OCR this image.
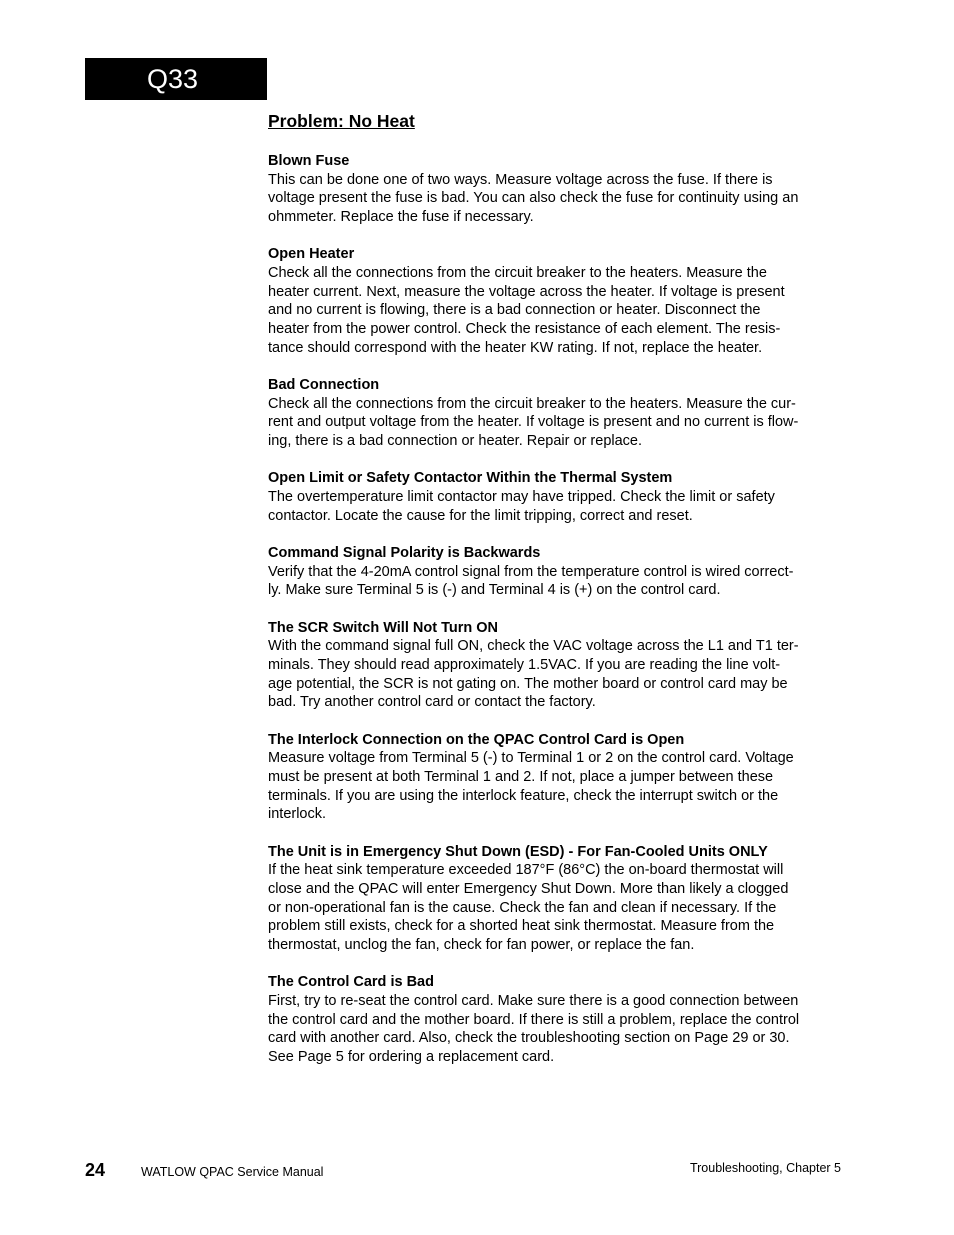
Q33
Problem: No Heat
Blown Fuse
This can be done one of two ways. Measure voltage across the fuse. If there is
voltage present the fuse is bad. You can also check the fuse for continuity using an
ohmmeter. Replace the fuse if necessary.
Open Heater
Check all the connections from the circuit breaker to the heaters. Measure the
heater current. Next, measure the voltage across the heater. If voltage is present
and no current is flowing, there is a bad connection or heater. Disconnect the
heater from the power control. Check the resistance of each element. The resis-
tance should correspond with the heater KW rating. If not, replace the heater.
Bad Connection
Check all the connections from the circuit breaker to the heaters. Measure the cur-
rent and output voltage from the heater. If voltage is present and no current is flow-
ing, there is a bad connection or heater. Repair or replace.
Open Limit or Safety Contactor Within the Thermal System
The overtemperature limit contactor may have tripped. Check the limit or safety
contactor. Locate the cause for the limit tripping, correct and reset.
Command Signal Polarity is Backwards
Verify that the 4-20mA control signal from the temperature control is wired correct-
ly. Make sure Terminal 5 is (-) and Terminal 4 is (+) on the control card.
The SCR Switch Will Not Turn ON
With the command signal full ON, check the VAC voltage across the L1 and T1 ter-
minals. They should read approximately 1.5VAC. If you are reading the line volt-
age potential, the SCR is not gating on. The mother board or control card may be
bad. Try another control card or contact the factory.
The Interlock Connection on the QPAC Control Card is Open
Measure voltage from Terminal 5 (-) to Terminal 1 or 2 on the control card. Voltage
must be present at both Terminal 1 and 2. If not, place a jumper between these
terminals. If you are using the interlock feature, check the interrupt switch or the
interlock.
The Unit is in Emergency Shut Down (ESD) - For Fan-Cooled Units ONLY
If the heat sink temperature exceeded 187°F (86°C) the on-board thermostat will
close and the QPAC will enter Emergency Shut Down. More than likely a clogged
or non-operational fan is the cause. Check the fan and clean if necessary. If the
problem still exists, check for a shorted heat sink thermostat. Measure from the
thermostat, unclog the fan, check for fan power, or replace the fan.
The Control Card is Bad
First, try to re-seat the control card. Make sure there is a good connection between
the control card and the mother board. If there is still a problem, replace the control
card with another card. Also, check the troubleshooting section on Page 29 or 30.
See Page 5 for ordering a replacement card.
24	WATLOW QPAC Service Manual	Troubleshooting, Chapter 5
